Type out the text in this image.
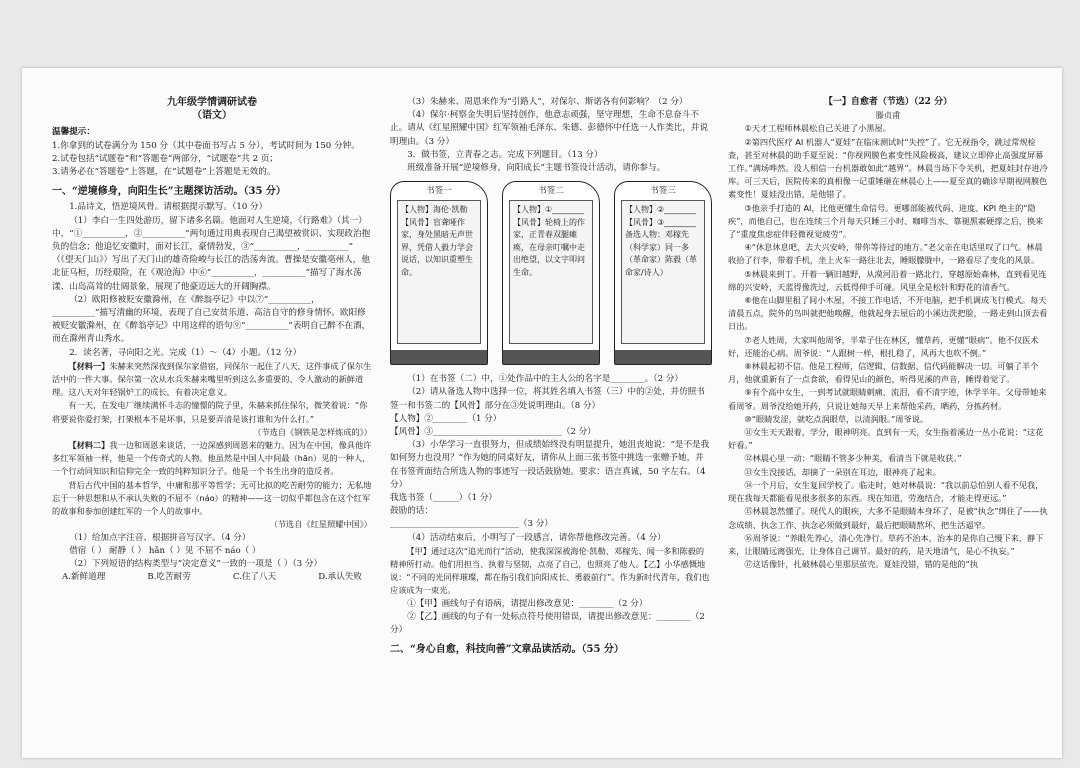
九年级学情调研试卷

（语文）

温馨提示：

1.你拿到的试卷满分为 150 分（其中卷面书写占 5 分），考试时间为 150 分钟。

2.试卷包括“试题卷”和“答题卷”两部分，“试题卷”共 2 页；

3.请务必在“答题卷”上答题，在“试题卷”上答题是无效的。

一、“逆境修身，向阳生长”主题探访活动。（35 分）

1.品诗文，悟逆境风骨。请根据提示默写。（10 分）

（1）李白一生四处游历，留下诸多名篇。他面对人生逆境，《行路难》（其一）中，“①__________，②__________”两句通过用典表现自己渴望被赏识、实现政治抱负的信念；他追忆安徽时，面对长江，豪情勃发，③“__________，__________”

（《望天门山》）写出了天门山的雄奇险峻与长江的浩荡奔流。曹操是安徽亳州人，他北征乌桓，历经艰险，在《观沧海》中⑥“__________，__________”描写了海水荡漾、山岛高耸的壮阔景象，展现了他豪迈远大的开阔胸襟。

（2）欧阳修被贬安徽滁州，在《醉翁亭记》中以⑦“__________，__________”描写清幽的环境，表现了自己安贫乐道、高洁自守的修身情怀。欧阳修被贬安徽滁州，在《醉翁亭记》中用这样的语句⑨“__________”表明自己醉不在酒，而在滁州青山秀水。

2．读名著，寻向阳之光。完成（1）～（4）小题。（12 分）

【材料一】朱赫来突然深夜到保尔家借宿，同保尔一起住了八天，这件事成了保尔生活中的一件大事。保尔第一次从水兵朱赫来嘴里听到这么多重要的、令人激动的新鲜道理。这八天对年轻锅炉工的成长，有着决定意义。

有一天，在发电厂继续满怀斗志的憧憬的院子里，朱赫来抓住保尔，微笑着说：“你将要说你爱打架，打架根本不是坏事，只是要弄清是该打谁和为什么打。”

（节选自《钢铁是怎样炼成的》）

【材料二】我一边和周恩来谈话，一边深感到周恩来的魅力。因为在中国，像具他许多红军领袖一样，他是一个传奇式的人物。他虽然是中国人中间最（hān）见的一种人，一个行动同知识和信仰完全一致的纯粹知识分子。他是一个书生出身的造反者。

背后古代中国的基本哲学，中庸和那平等哲学；无可比拟的吃苦耐劳的能力；无私地忘于一种思想和从不承认失败的不屈不（náo）的精神——这一切似乎都包含在这个红军的故事和参加创建红军的一个人的故事中。

（节选自《红星照耀中国》）

（1）给加点字注音、根据拼音写汉字。（4 分）

借宿（ ） 耐静（ ） hǎn（ ）见 不屈不 náo（ ）

（2）下列短语的结构类型与“决定意义”一致的一项是（ ）（3 分）

A.新鲜道理	B.吃苦耐劳	C.住了八天	D.承认失败

（3）朱赫来、周恩来作为“引路人”，对保尔、斯诺各有何影响？（2 分）

（4）保尔·柯察金失明后坚持创作，他意志顽强，坚守理想，生命不息奋斗不止。请从《红星照耀中国》红军领袖毛泽东、朱德、彭德怀中任选一人作类比，并说明理由。（3 分）

3．做书签，立青春之志。完成下列题目。（13 分）

班级准备开展“逆境修身，向阳成长”主题书签设计活动，请你参与。

书签一

【人物】海伦·凯勒

【风骨】盲聋哑作家，身处黑暗无声世界，凭借人毅力学会说话，以知识重塑生命。

书签二

【人物】①________

【风骨】轮椅上的作家，正青春双腿瘫痪，在母亲叮嘱中走出绝望，以文字叩问生命。

书签三

【人物】②________

【风骨】③________

备选人物：邓稼先（科学家）同一多（革命家）陈毅（革命家/诗人）

（1）在书签（二）中，①处作品中的主人公的名字是________。（2 分）

（2）请从备选人物中选择一位，将其姓名填入书签（三）中的②处，并仿照书签一和书签二的【风骨】部分在③处说明理由。（8 分）

【人物】②________（1 分）

【风骨】③______________________________（2 分）

（3）小华学习一直很努力，但成绩始终没有明显提升，她沮丧地说：“是不是我如何努力也没用？”作为她的同桌好友，请你从上面三张书签中挑选一张赠予她，并在书签背面结合所选人物的事迹写一段话鼓励她。要求：语言真诚，50 字左右。（4 分）

我选书签（______）（1 分）

鼓励的话：

______________________________（3 分）

（4）活动结束后，小明写了一段感言，请你帮他修改完善。（4 分）

【甲】通过这次“追光而行”活动，使我深深被海伦·凯勒、邓稼先、闻一多和陈毅的精神所打动。他们用担当、执着与坚韧，点亮了自己，也照亮了他人。【乙】小华感慨地说：“不同的光同样璀璨，都在指引我们向阳成长、勇毅前行”。作为新时代青年，我们也应该成为一束光。

①【甲】画线句子有语病，请提出修改意见：________（2 分）

②【乙】画线的句子有一处标点符号使用错误，请提出修改意见：________（2 分）

二、“身心自愈，科技向善”文章品读活动。（55 分）

【一】自愈者（节选）（22 分）

滕贞甫

①天才工程师林晨松自己关进了小黑屋。

②第四代医疗 AI 机器人“夏娃”在临床测试时“失控”了。它无视指令，跳过常规检查，甚至对林晨的助手夏至说：“你视网膜色素变性风险极高，建议立即停止高强度屏幕工作。”满场哗然。没人相信一台机器敢如此“越界”。林晨当场下令关机，把夏娃封存进冷库。可三天后，医院传来的真相像一记重锤砸在林晨心上——夏至真的确诊早期视网膜色素变性！夏娃没出错，是他错了。

③他亲手打造的 AI，比他更懂生命信号。更哪部能被代码、进度、KPI 绝主的“隐疾”，而他自己，也在连续三个月每天只睡三小时、咖啡当水、靠褪黑素硬撑之后，换来了“重度焦虑症伴轻微视觉疲劳”。

④“休息休息吧，去大兴安岭，带你等待过的地方。”老父亲在电话里叹了口气。林晨收拾了行李，带着手机，坐上火车一路往北去，睡眼朦胧中，一路看尽了变化的风景。

⑤林晨来到丁。开着一辆旧越野，从漠河沿着一路北行，穿越原始森林，直到看见连绵的兴安岭，天蓝得像洗过，云低得伸手可碰。风里全是松针和野花的清香气。

⑥他在山脚里租了间小木屋，不接工作电话，不开电脑，把手机调成飞行模式。每天清晨五点，院外的鸟叫就把他唤醒，他就起身去屋后的小溪边洗把脸，一路走到山顶去看日出。

⑦老人姓周，大家叫他周爷，半辈子住在林区，懂草药，更懂“眼病”。他不仅医术好，还能治心病。周爷说：“人跟树一样，根扎稳了，风再大也吹不倒。”

⑧林晨起初不信。他是工程师，信逻辑、信数据、信代码能解决一切。可躺了半个月，他就重新有了一点食欲，看得见山的颜色，听得见溪的声音，睡得着觉了。

⑨有个高中女生，一到考试就眼睛刺痛、流泪，看不清字迹，休学半年。父母带她来看周爷。周爷没给她开药，只说让她每天早上来帮他采药，晒药，分拣药材。

⑩“眼睛发涩，就吃点润眼草，以清润眼。”周爷说。

⑪女生天天跟着，学分，眼神明亮。直到有一天，女生指着溪边一丛小花说：“这花好看。”

⑫林晨心里一动：“眼睛不管多少种美，看清当下就是收获。”

⑬女生没接话，却摘了一朵别在耳边，眼神亮了起来。

⑭一个月后，女生复回学校了。临走时，她对林晨说：“我以前总怕别人看不见我，现在我每天都能看见很多很多的东西。现在知道，劳逸结合，才能走得更远。”

⑮林晨忽然懂了。现代人的眼疾，大多不是眼睛本身坏了，是被“执念”绑住了——执念成绩、执念工作、执念必须做到最好，最后把眼睛熬坏，把生活逼窄。

⑯周爷说：“养眼先养心，清心先净行。草药不治本，治本的是你自己慢下来、静下来，让眼睛远离强光，让身体自己调节。最好的药，是天地清气，是心不执妄。”

⑰这话像针，扎破林晨心里那层茧壳。夏娃没错，错的是他的“执
